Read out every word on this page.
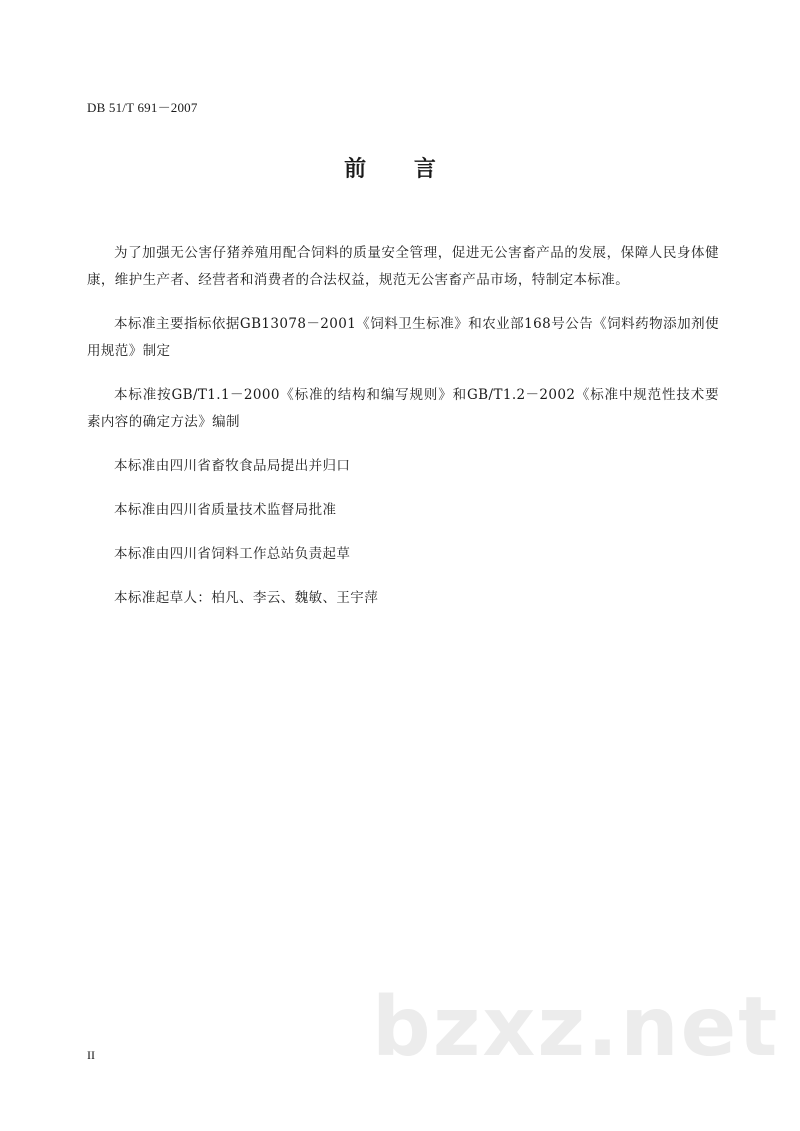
DB 51/T 691－2007
前 言

为了加强无公害仔猪养殖用配合饲料的质量安全管理，促进无公害畜产品的发展，保障人民身体健康，维护生产者、经营者和消费者的合法权益，规范无公害畜产品市场，特制定本标准。

本标准主要指标依据GB13078－2001《饲料卫生标准》和农业部168号公告《饲料药物添加剂使用规范》制定

本标准按GB/T1.1－2000《标准的结构和编写规则》和GB/T1.2－2002《标准中规范性技术要素内容的确定方法》编制

本标准由四川省畜牧食品局提出并归口

本标准由四川省质量技术监督局批准

本标准由四川省饲料工作总站负责起草

本标准起草人：柏凡、李云、魏敏、王宇萍

bzxz.net
II
